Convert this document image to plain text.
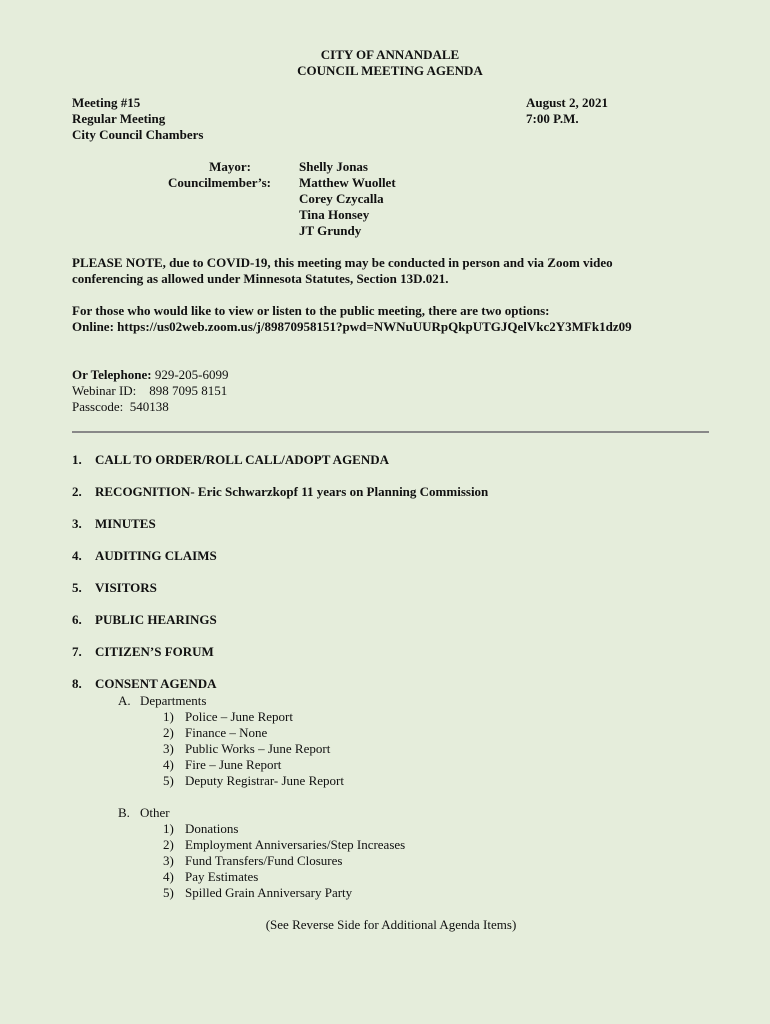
CITY OF ANNANDALE
COUNCIL MEETING AGENDA
Meeting #15
Regular Meeting
City Council Chambers
August 2, 2021
7:00 P.M.
Mayor:
Councilmember’s:
Shelly Jonas
Matthew Wuollet
Corey Czycalla
Tina Honsey
JT Grundy
PLEASE NOTE, due to COVID-19, this meeting may be conducted in person and via Zoom video
conferencing as allowed under Minnesota Statutes, Section 13D.021.
For those who would like to view or listen to the public meeting, there are two options:
Online: https://us02web.zoom.us/j/89870958151?pwd=NWNuUURpQkpUTGJQelVkc2Y3MFk1dz09
Or Telephone: 929-205-6099
Webinar ID: 898 7095 8151
Passcode: 540138
1. CALL TO ORDER/ROLL CALL/ADOPT AGENDA
2. RECOGNITION- Eric Schwarzkopf 11 years on Planning Commission
3. MINUTES
4. AUDITING CLAIMS
5. VISITORS
6. PUBLIC HEARINGS
7. CITIZEN’S FORUM
8. CONSENT AGENDA
A. Departments
1) Police – June Report
2) Finance – None
3) Public Works – June Report
4) Fire – June Report
5) Deputy Registrar- June Report
B. Other
1) Donations
2) Employment Anniversaries/Step Increases
3) Fund Transfers/Fund Closures
4) Pay Estimates
5) Spilled Grain Anniversary Party
(See Reverse Side for Additional Agenda Items)
